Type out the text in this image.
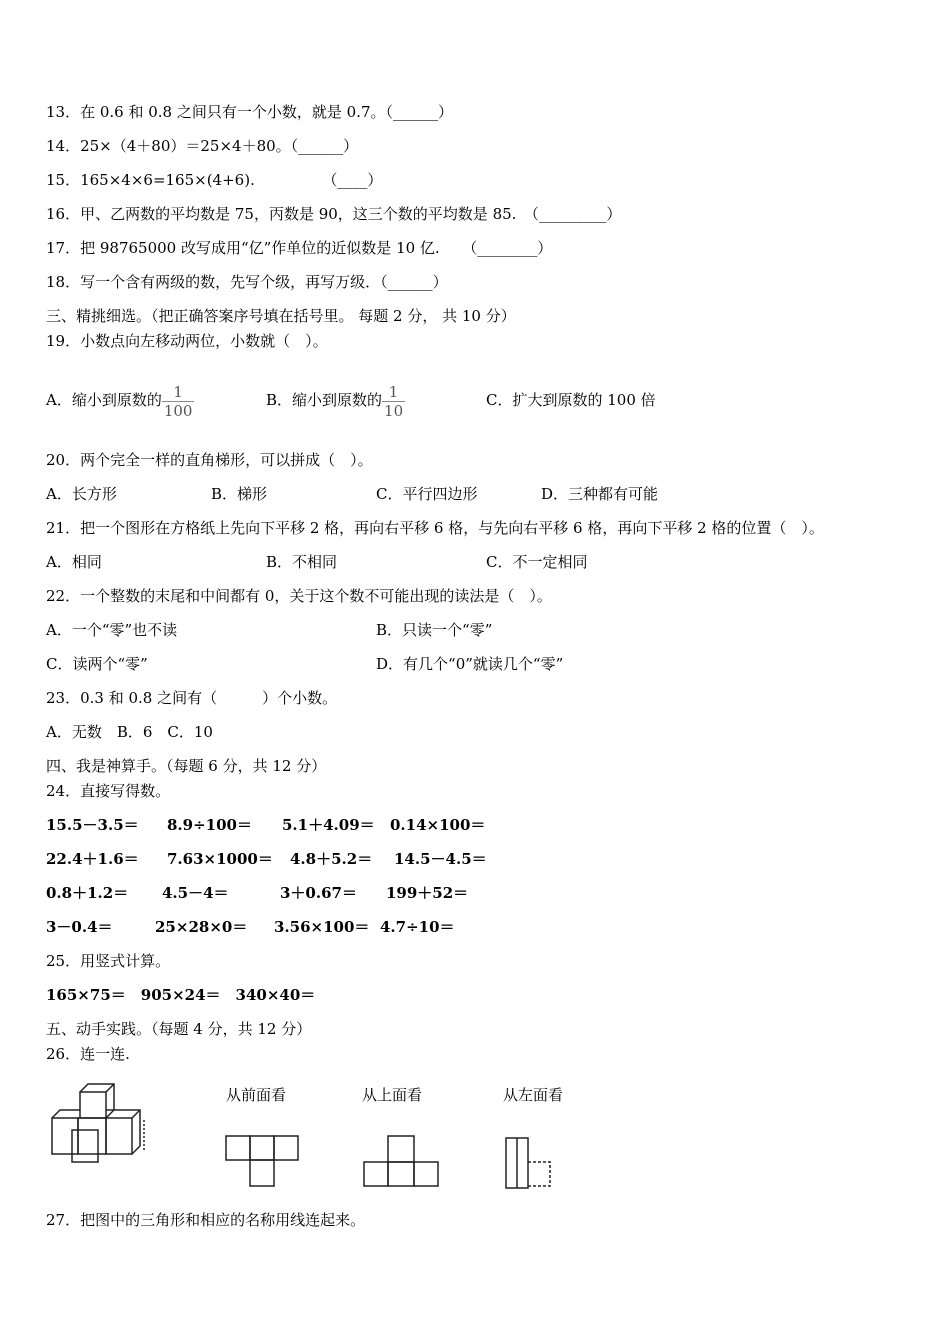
13．在 0.6 和 0.8 之间只有一个小数，就是 0.7。（______）
14．25×（4＋80）＝25×4＋80。（______）
15．165×4×6=165×(4+6).　　　　　（____）
16．甲、乙两数的平均数是 75，丙数是 90，这三个数的平均数是 85.　（_________）
17．把 98765000 改写成用“亿”作单位的近似数是 10 亿.　　（________）
18．写一个含有两级的数，先写个级，再写万级．（______）
三、精挑细选。（把正确答案序号填在括号里。 每题 2 分， 共 10 分）
19．小数点向左移动两位，小数就（　）。
A．缩小到原数的 $\frac{1}{100}$	B．缩小到原数的 $\frac{1}{10}$	C．扩大到原数的 100 倍
20．两个完全一样的直角梯形，可以拼成（　）。
A．长方形	B．梯形	C．平行四边形	D．三种都有可能
21．把一个图形在方格纸上先向下平移 2 格，再向右平移 6 格，与先向右平移 6 格，再向下平移 2 格的位置（　）。
A．相同	B．不相同	C．不一定相同
22．一个整数的末尾和中间都有 0，关于这个数不可能出现的读法是（　）。
A．一个“零”也不读	B．只读一个“零”
C．读两个“零”	D．有几个“0”就读几个“零”
23．0.3 和 0.8 之间有（　　　）个小数。
A．无数　B．6　C．10
四、我是神算手。（每题 6 分，共 12 分）
24．直接写得数。
15.5－3.5＝ 8.9÷100＝ 5.1＋4.09＝ 0.14×100＝
22.4＋1.6＝ 7.63×1000＝ 4.8＋5.2＝ 14.5－4.5＝
0.8＋1.2＝ 4.5－4＝	3＋0.67＝ 199＋52＝
3－0.4＝	25×28×0＝ 3.56×100＝ 4.7÷10＝
25．用竖式计算。
165×75＝　905×24＝　340×40＝
五、动手实践。（每题 4 分，共 12 分）
26．连一连.
从前面看	从上面看	从左面看
27．把图中的三角形和相应的名称用线连起来。
